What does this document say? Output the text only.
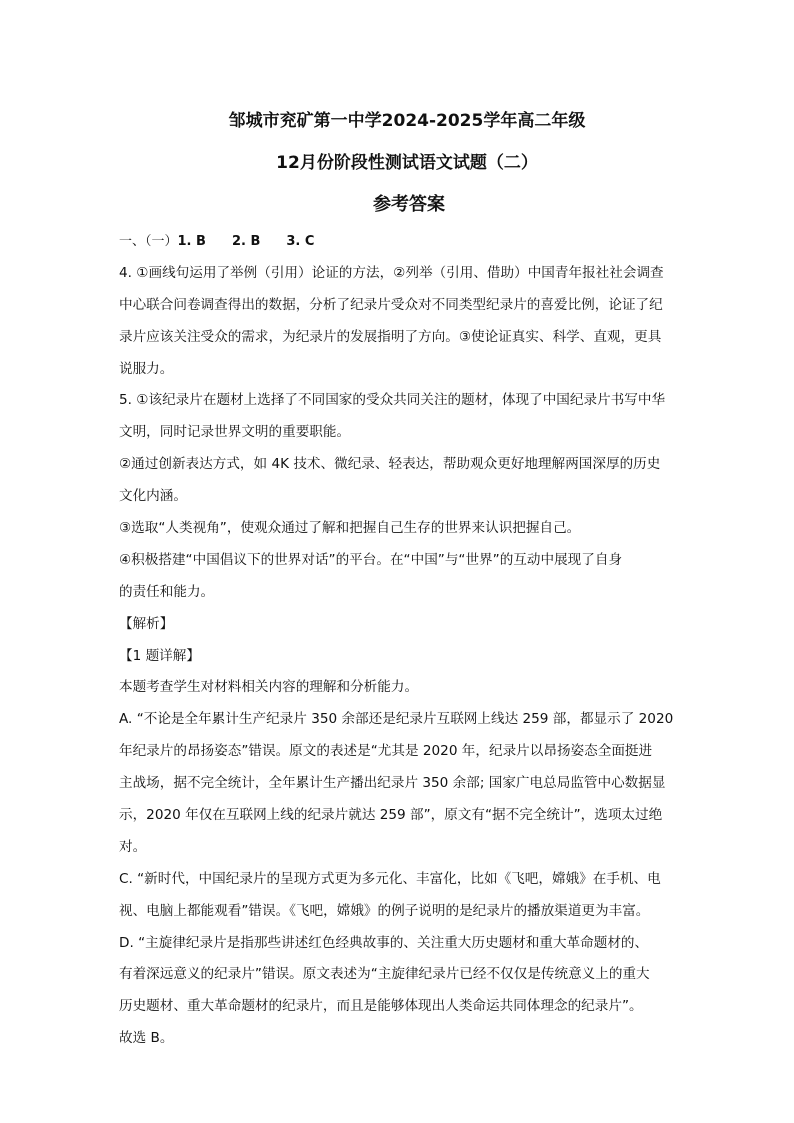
邹城市兖矿第一中学2024-2025学年高二年级
12月份阶段性测试语文试题（二）
参考答案
一、（一）1. B 2. B 3. C
4. ①画线句运用了举例（引用）论证的方法，②列举（引用、借助）中国青年报社社会调查
中心联合问卷调查得出的数据，分析了纪录片受众对不同类型纪录片的喜爱比例，论证了纪
录片应该关注受众的需求，为纪录片的发展指明了方向。③使论证真实、科学、直观，更具
说服力。
5. ①该纪录片在题材上选择了不同国家的受众共同关注的题材，体现了中国纪录片书写中华
文明，同时记录世界文明的重要职能。
②通过创新表达方式，如 4K 技术、微纪录、轻表达，帮助观众更好地理解两国深厚的历史
文化内涵。
③选取“人类视角”，使观众通过了解和把握自己生存的世界来认识把握自己。
④积极搭建“中国倡议下的世界对话”的平台。在“中国”与“世界”的互动中展现了自身
的责任和能力。
【解析】
【1 题详解】
本题考查学生对材料相关内容的理解和分析能力。
A. “不论是全年累计生产纪录片 350 余部还是纪录片互联网上线达 259 部，都显示了 2020
年纪录片的昂扬姿态”错误。原文的表述是“尤其是 2020 年，纪录片以昂扬姿态全面挺进
主战场，据不完全统计，全年累计生产播出纪录片 350 余部; 国家广电总局监管中心数据显
示，2020 年仅在互联网上线的纪录片就达 259 部”，原文有“据不完全统计”，选项太过绝
对。
C. “新时代，中国纪录片的呈现方式更为多元化、丰富化，比如《飞吧，嫦娥》在手机、电
视、电脑上都能观看”错误。《飞吧，嫦娥》的例子说明的是纪录片的播放渠道更为丰富。
D. “主旋律纪录片是指那些讲述红色经典故事的、关注重大历史题材和重大革命题材的、
有着深远意义的纪录片”错误。原文表述为“主旋律纪录片已经不仅仅是传统意义上的重大
历史题材、重大革命题材的纪录片，而且是能够体现出人类命运共同体理念的纪录片”。
故选 B。
